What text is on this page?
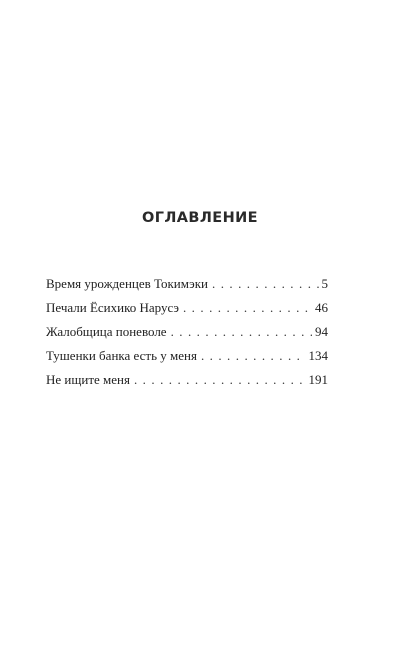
ОГЛАВЛЕНИЕ
Время урожденцев Токимэки . . .	5
Печали Ёсихико Нарусэ . . .	46
Жалобщица поневоле . . .	94
Тушенки банка есть у меня . . .	134
Не ищите меня . . .	191
